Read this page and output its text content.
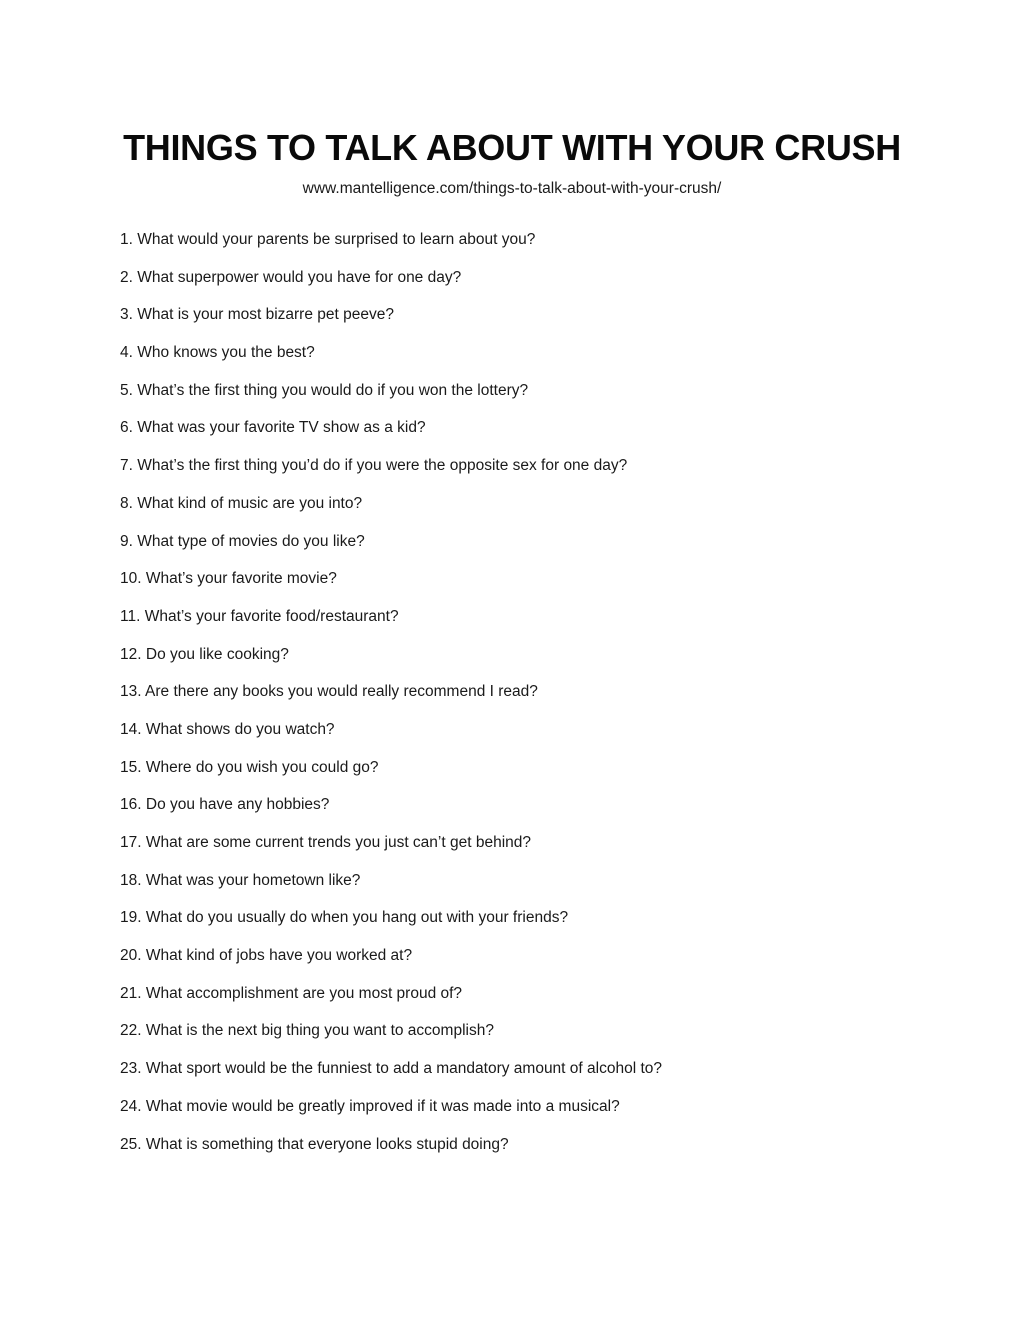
THINGS TO TALK ABOUT WITH YOUR CRUSH
www.mantelligence.com/things-to-talk-about-with-your-crush/
1. What would your parents be surprised to learn about you?
2. What superpower would you have for one day?
3. What is your most bizarre pet peeve?
4. Who knows you the best?
5. What’s the first thing you would do if you won the lottery?
6. What was your favorite TV show as a kid?
7. What’s the first thing you’d do if you were the opposite sex for one day?
8. What kind of music are you into?
9. What type of movies do you like?
10. What’s your favorite movie?
11. What’s your favorite food/restaurant?
12. Do you like cooking?
13. Are there any books you would really recommend I read?
14. What shows do you watch?
15. Where do you wish you could go?
16. Do you have any hobbies?
17. What are some current trends you just can’t get behind?
18. What was your hometown like?
19. What do you usually do when you hang out with your friends?
20. What kind of jobs have you worked at?
21. What accomplishment are you most proud of?
22. What is the next big thing you want to accomplish?
23. What sport would be the funniest to add a mandatory amount of alcohol to?
24. What movie would be greatly improved if it was made into a musical?
25. What is something that everyone looks stupid doing?
